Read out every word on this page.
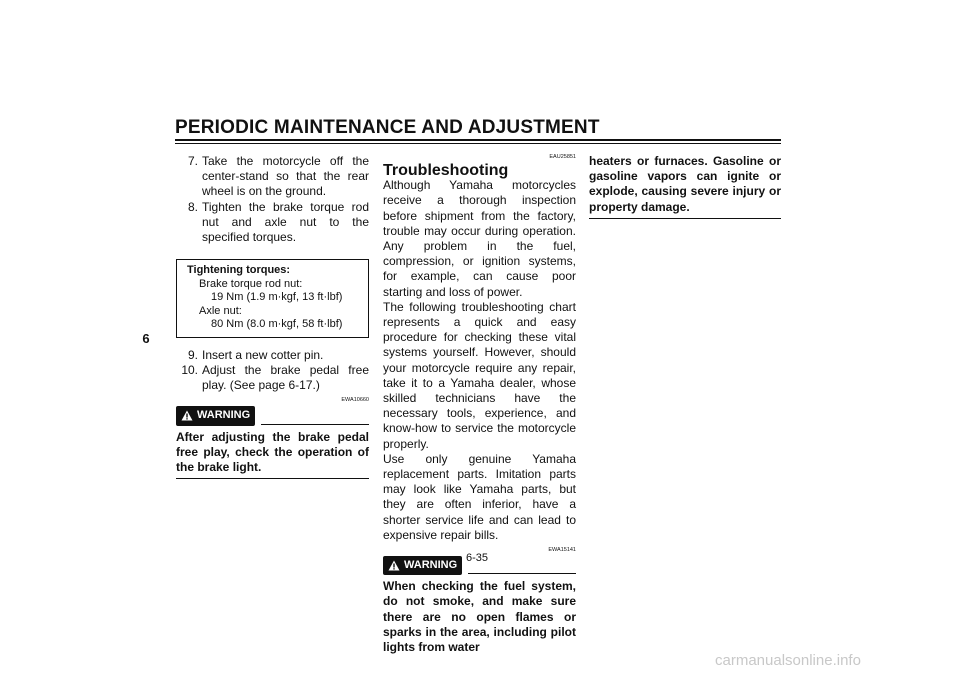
PERIODIC MAINTENANCE AND ADJUSTMENT
6
7. Take the motorcycle off the center-stand so that the rear wheel is on the ground.
8. Tighten the brake torque rod nut and axle nut to the specified torques.
Tightening torques:
Brake torque rod nut:
19 Nm (1.9 m·kgf, 13 ft·lbf)
Axle nut:
80 Nm (8.0 m·kgf, 58 ft·lbf)
9. Insert a new cotter pin.
10. Adjust the brake pedal free play. (See page 6-17.)
EWA10660
WARNING
After adjusting the brake pedal free play, check the operation of the brake light.
EAU25851
Troubleshooting
Although Yamaha motorcycles receive a thorough inspection before shipment from the factory, trouble may occur during operation. Any problem in the fuel, compression, or ignition systems, for example, can cause poor starting and loss of power.
The following troubleshooting chart represents a quick and easy procedure for checking these vital systems yourself. However, should your motorcycle require any repair, take it to a Yamaha dealer, whose skilled technicians have the necessary tools, experience, and know-how to service the motorcycle properly.
Use only genuine Yamaha replacement parts. Imitation parts may look like Yamaha parts, but they are often inferior, have a shorter service life and can lead to expensive repair bills.
EWA15141
WARNING
When checking the fuel system, do not smoke, and make sure there are no open flames or sparks in the area, including pilot lights from water
heaters or furnaces. Gasoline or gasoline vapors can ignite or explode, causing severe injury or property damage.
6-35
carmanualsonline.info
